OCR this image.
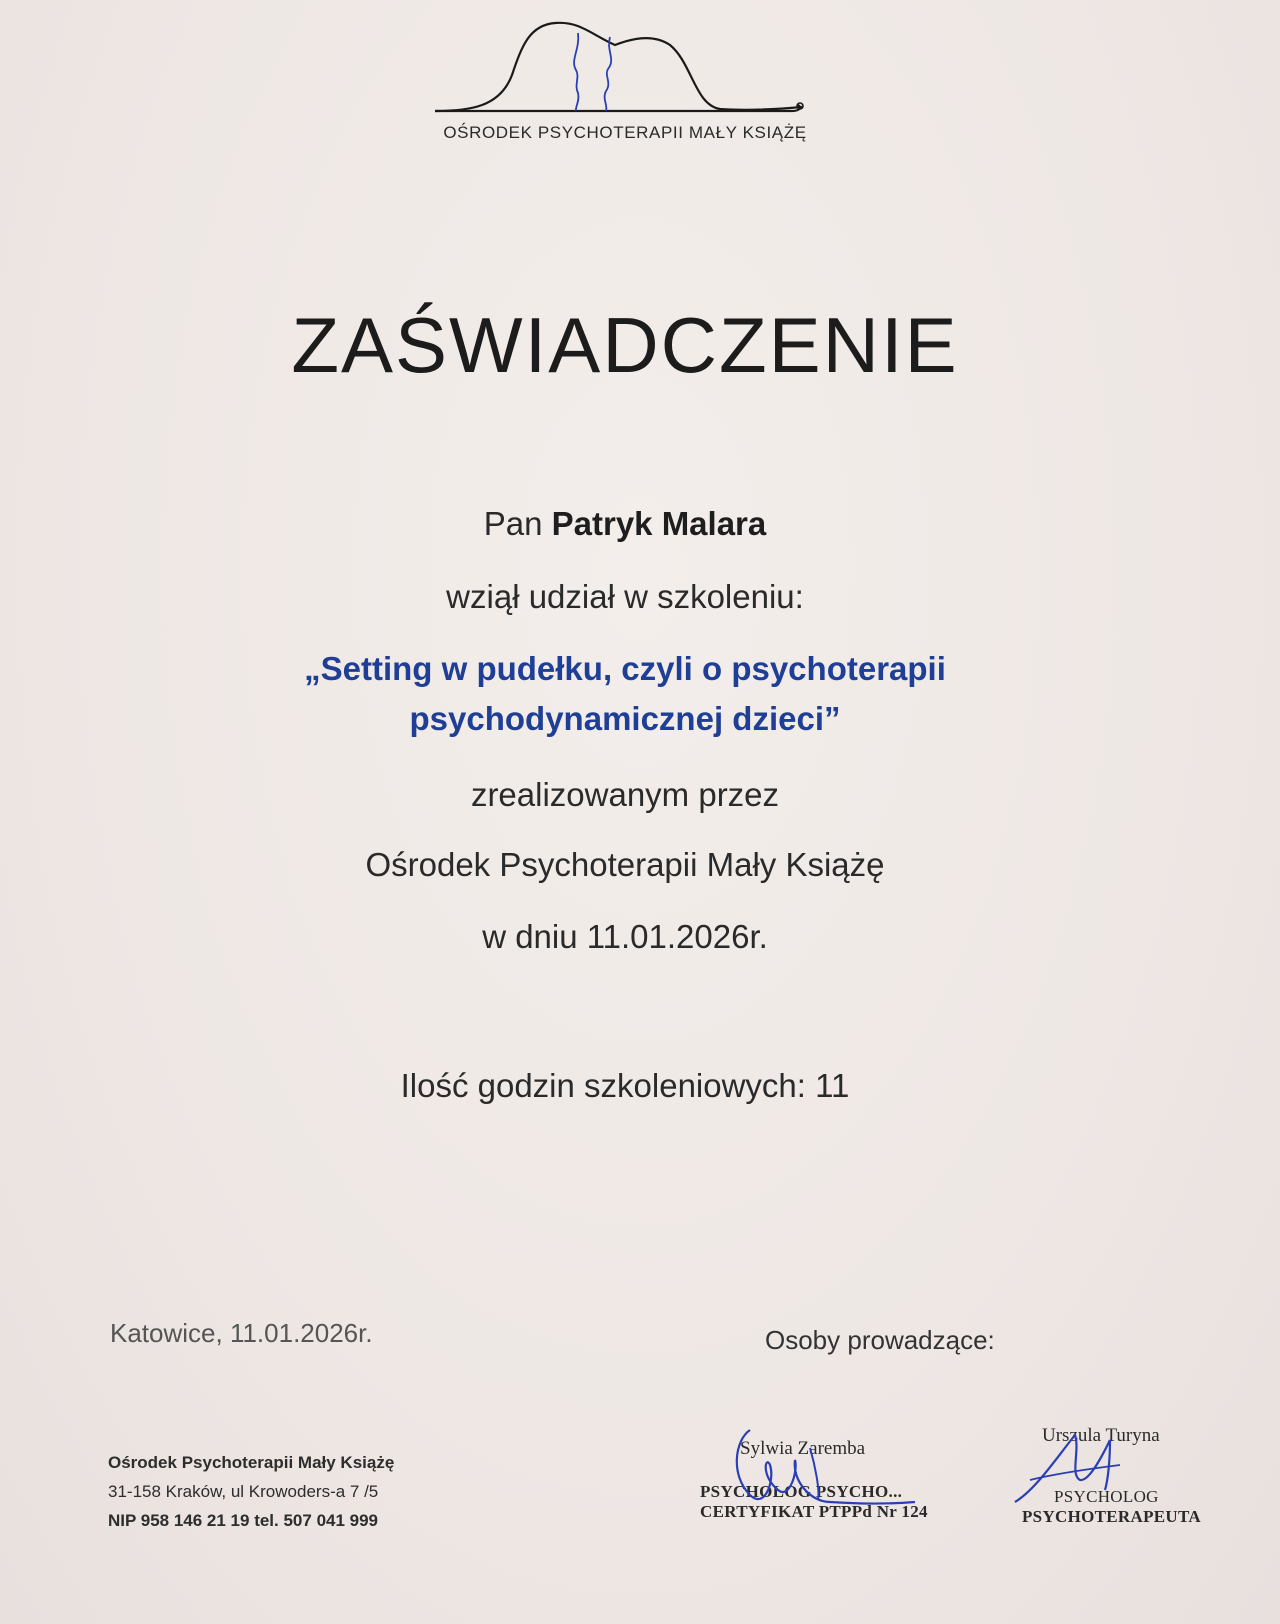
OŚRODEK PSYCHOTERAPII MAŁY KSIĄŻĘ
ZAŚWIADCZENIE
Pan Patryk Malara
wziął udział w szkoleniu:
„Setting w pudełku, czyli o psychoterapii
psychodynamicznej dzieci”
zrealizowanym przez
Ośrodek Psychoterapii Mały Książę
w dniu 11.01.2026r.
Ilość godzin szkoleniowych: 11
Katowice, 11.01.2026r.	Osoby prowadzące:
Ośrodek Psychoterapii Mały Książę
31-158 Kraków, ul Krowoders-a 7 /5
NIP 958 146 21 19 tel. 507 041 999
Sylwia Zaremba
PSYCHOLOG PSYCHO...
CERTYFIKAT PTPPd Nr 124
Urszula Turyna
PSYCHOLOG
PSYCHOTERAPEUTA
